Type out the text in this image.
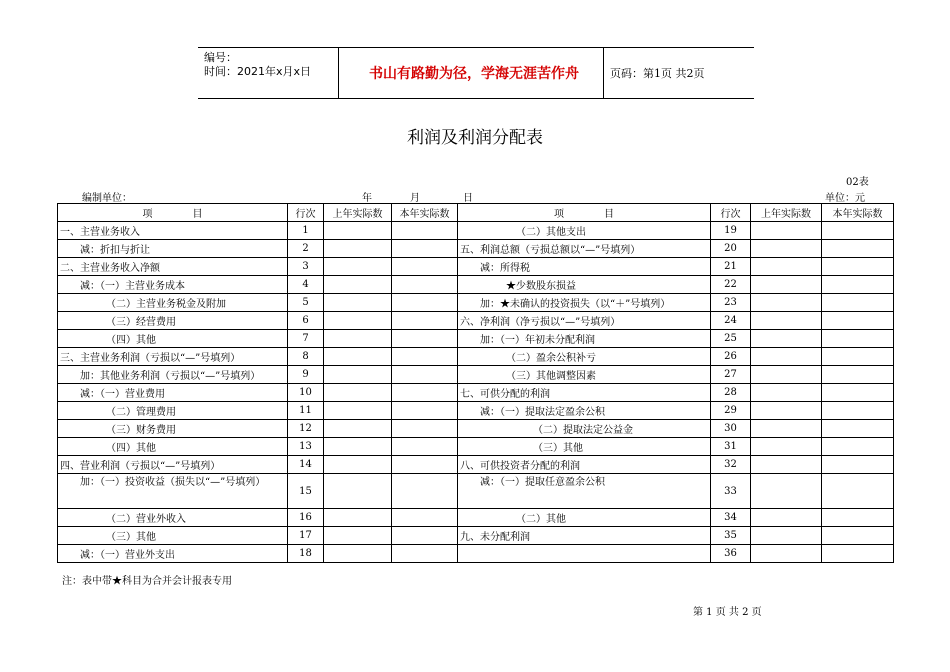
编号：
时间：2021年x月x日	书山有路勤为径，学海无涯苦作舟	页码：第1页 共2页
利润及利润分配表
02表
编制单位：	年	月	日	单位：元
项　　　　目	行次	上年实际数	本年实际数	项　　　　目	行次	上年实际数	本年实际数
一、主营业务收入	1			（二）其他支出	19		
减：折扣与折让	2			五、利润总额（亏损总额以“—”号填列）	20		
二、主营业务收入净额	3			减：所得税	21		
减：（一）主营业务成本	4			★少数股东损益	22		
（二）主营业务税金及附加	5			加：★未确认的投资损失（以“＋”号填列）	23		
（三）经营费用	6			六、净利润（净亏损以“—”号填列）	24		
（四）其他	7			加：（一）年初未分配利润	25		
三、主营业务利润（亏损以“—”号填列）	8			（二）盈余公积补亏	26		
加：其他业务利润（亏损以“—”号填列）	9			（三）其他调整因素	27		
减：（一）营业费用	10			七、可供分配的利润	28		
（二）管理费用	11			减：（一）提取法定盈余公积	29		
（三）财务费用	12			（二）提取法定公益金	30		
（四）其他	13			（三）其他	31		
四、营业利润（亏损以“—”号填列）	14			八、可供投资者分配的利润	32		
加：（一）投资收益（损失以“—”号填列）	15			减：（一）提取任意盈余公积	33		
（二）营业外收入	16			（二）其他	34		
（三）其他	17			九、未分配利润	35		
减：（一）营业外支出	18				36		
注：表中带★科目为合并会计报表专用
第 1 页 共 2 页
